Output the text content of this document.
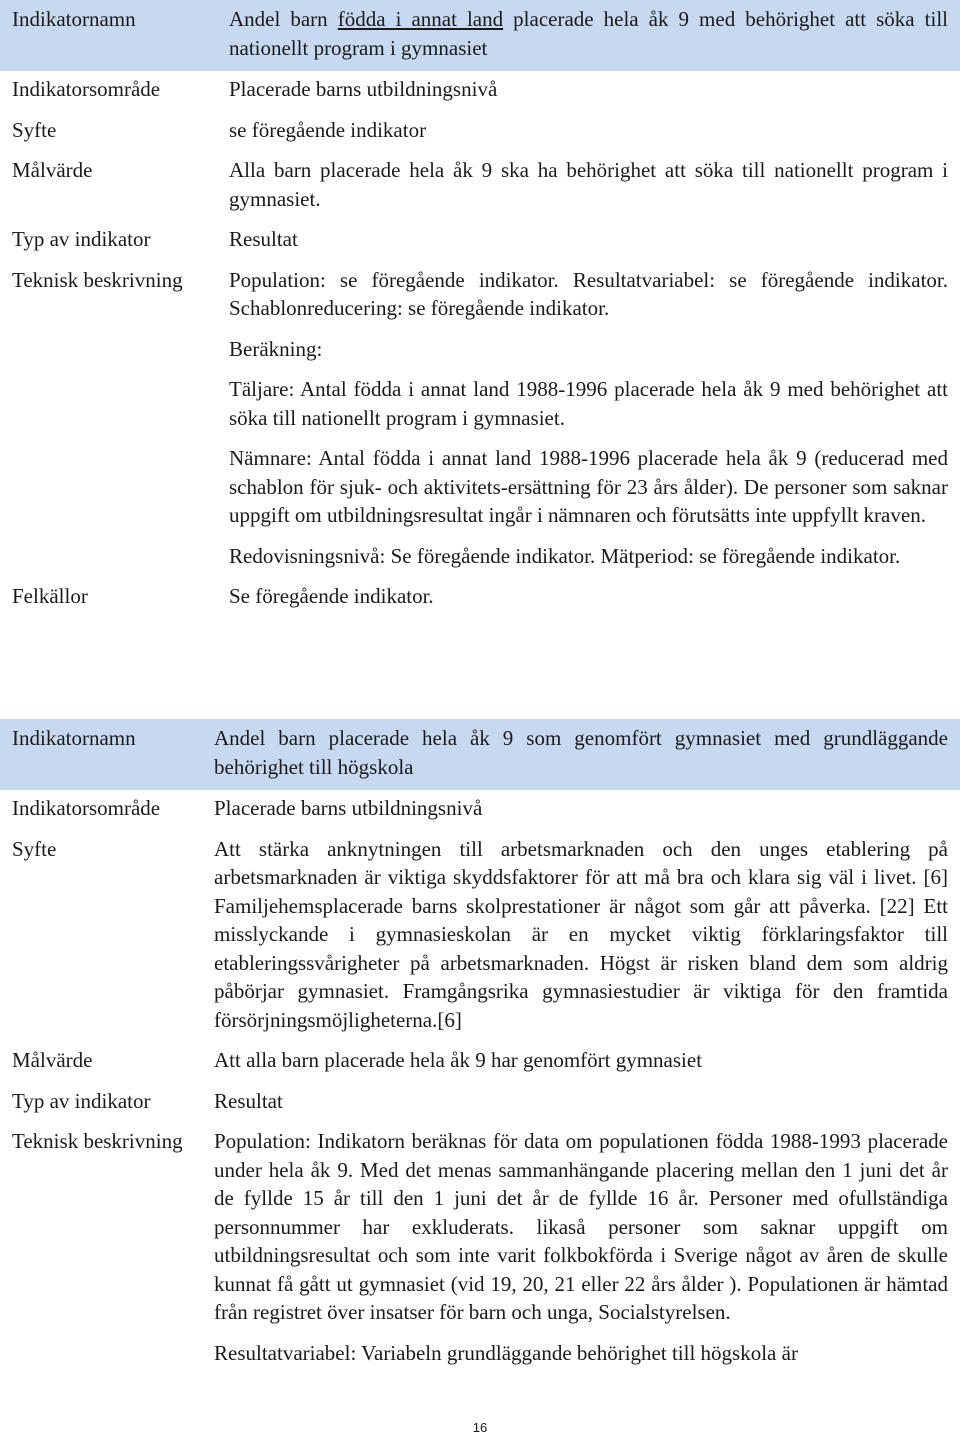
Indikatornamn	Andel barn födda i annat land placerade hela åk 9 med behörighet att söka till nationellt program i gymnasiet
Indikatorsområde	Placerade barns utbildningsnivå
Syfte	se föregående indikator
Målvärde	Alla barn placerade hela åk 9 ska ha behörighet att söka till nationellt program i gymnasiet.
Typ av indikator	Resultat
Teknisk beskrivning	Population: se föregående indikator. Resultatvariabel: se föregående indikator. Schablonreducering: se föregående indikator.

Beräkning:

Täljare: Antal födda i annat land 1988-1996 placerade hela åk 9 med behörighet att söka till nationellt program i gymnasiet.

Nämnare: Antal födda i annat land 1988-1996 placerade hela åk 9 (reducerad med schablon för sjuk- och aktivitets-ersättning för 23 års ålder). De personer som saknar uppgift om utbildningsresultat ingår i nämnaren och förutsätts inte uppfyllt kraven.

Redovisningsnivå: Se föregående indikator. Mätperiod: se föregående indikator.

Felkällor	Se föregående indikator.
Indikatornamn	Andel barn placerade hela åk 9 som genomfört gymnasiet med grundläggande behörighet till högskola
Indikatorsområde	Placerade barns utbildningsnivå
Syfte	Att stärka anknytningen till arbetsmarknaden och den unges etablering på arbetsmarknaden är viktiga skyddsfaktorer för att må bra och klara sig väl i livet. [6] Familjehemsplacerade barns skolprestationer är något som går att påverka. [22] Ett misslyckande i gymnasieskolan är en mycket viktig förklaringsfaktor till etableringssvårigheter på arbetsmarknaden. Högst är risken bland dem som aldrig påbörjar gymnasiet. Framgångsrika gymnasiestudier är viktiga för den framtida försörjningsmöjligheterna.[6]
Målvärde	Att alla barn placerade hela åk 9 har genomfört gymnasiet
Typ av indikator	Resultat
Teknisk beskrivning	Population: Indikatorn beräknas för data om populationen födda 1988-1993 placerade under hela åk 9. Med det menas sammanhängande placering mellan den 1 juni det år de fyllde 15 år till den 1 juni det år de fyllde 16 år. Personer med ofullständiga personnummer har exkluderats. likaså personer som saknar uppgift om utbildningsresultat och som inte varit folkbokförda i Sverige något av åren de skulle kunnat få gått ut gymnasiet (vid 19, 20, 21 eller 22 års ålder ). Populationen är hämtad från registret över insatser för barn och unga, Socialstyrelsen.

Resultatvariabel: Variabeln grundläggande behörighet till högskola är

16
